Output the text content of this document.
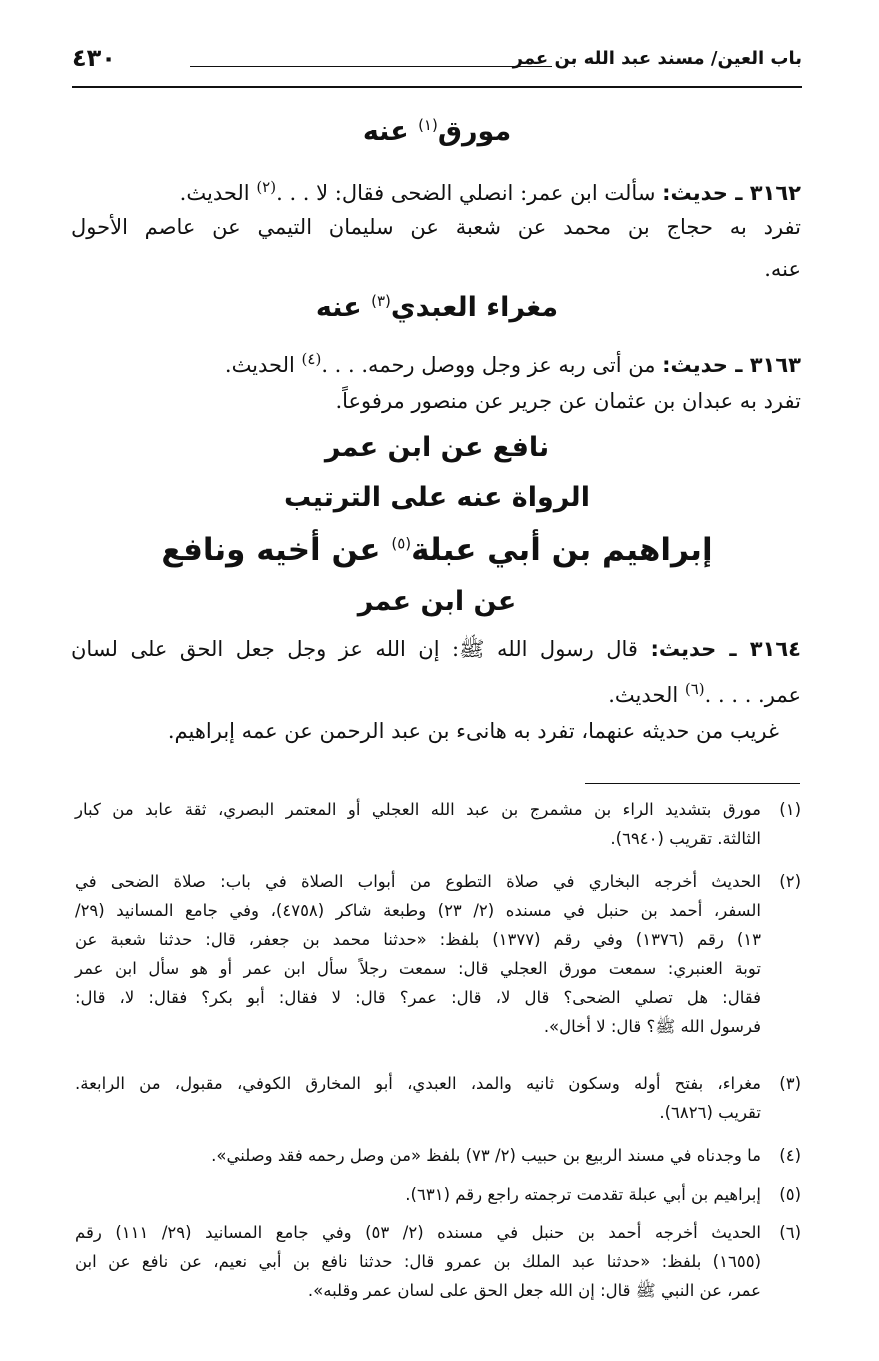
باب العين/ مسند عبد الله بن عمر
٤٣٠
مورق$^{(١)}$ عنه
٣١٦٢ ـ حديث: سألت ابن عمر: انصلي الضحى فقال: لا . . .$^{(٢)}$ الحديث.
تفرد به حجاج بن محمد عن شعبة عن سليمان التيمي عن عاصم الأحول
عنه.
مغراء العبدي$^{(٣)}$ عنه
٣١٦٣ ـ حديث: من أتى ربه عز وجل ووصل رحمه. . . .$^{(٤)}$ الحديث.
تفرد به عبدان بن عثمان عن جرير عن منصور مرفوعاً.
نافع عن ابن عمر
الرواة عنه على الترتيب
إبراهيم بن أبي عبلة$^{(٥)}$ عن أخيه ونافع
عن ابن عمر
٣١٦٤ ـ حديث: قال رسول الله ﷺ: إن الله عز وجل جعل الحق على لسان
عمر. . . . .$^{(٦)}$ الحديث.
غريب من حديثه عنهما، تفرد به هانىء بن عبد الرحمن عن عمه إبراهيم.
(١)
مورق بتشديد الراء بن مشمرج بن عبد الله العجلي أو المعتمر البصري، ثقة عابد من كبار
الثالثة. تقريب (٦٩٤٠).
(٢)
الحديث أخرجه البخاري في صلاة التطوع من أبواب الصلاة في باب: صلاة الضحى في
السفر، أحمد بن حنبل في مسنده (٢/ ٢٣) وطبعة شاكر (٤٧٥٨)، وفي جامع المسانيد (٢٩/
١٣) رقم (١٣٧٦) وفي رقم (١٣٧٧) بلفظ: «حدثنا محمد بن جعفر، قال: حدثنا شعبة عن
توبة العنبري: سمعت مورق العجلي قال: سمعت رجلاً سأل ابن عمر أو هو سأل ابن عمر
فقال: هل تصلي الضحى؟ قال لا، قال: عمر؟ قال: لا فقال: أبو بكر؟ فقال: لا، قال:
فرسول الله ﷺ؟ قال: لا أخال».
(٣)
مغراء، بفتح أوله وسكون ثانيه والمد، العبدي، أبو المخارق الكوفي، مقبول، من الرابعة.
تقريب (٦٨٢٦).
(٤)
ما وجدناه في مسند الربيع بن حبيب (٢/ ٧٣) بلفظ «من وصل رحمه فقد وصلني».
(٥)
إبراهيم بن أبي عبلة تقدمت ترجمته راجع رقم (٦٣١).
(٦)
الحديث أخرجه أحمد بن حنبل في مسنده (٢/ ٥٣) وفي جامع المسانيد (٢٩/ ١١١) رقم
(١٦٥٥) بلفظ: «حدثنا عبد الملك بن عمرو قال: حدثنا نافع بن أبي نعيم، عن نافع عن ابن
عمر، عن النبي ﷺ قال: إن الله جعل الحق على لسان عمر وقلبه».
